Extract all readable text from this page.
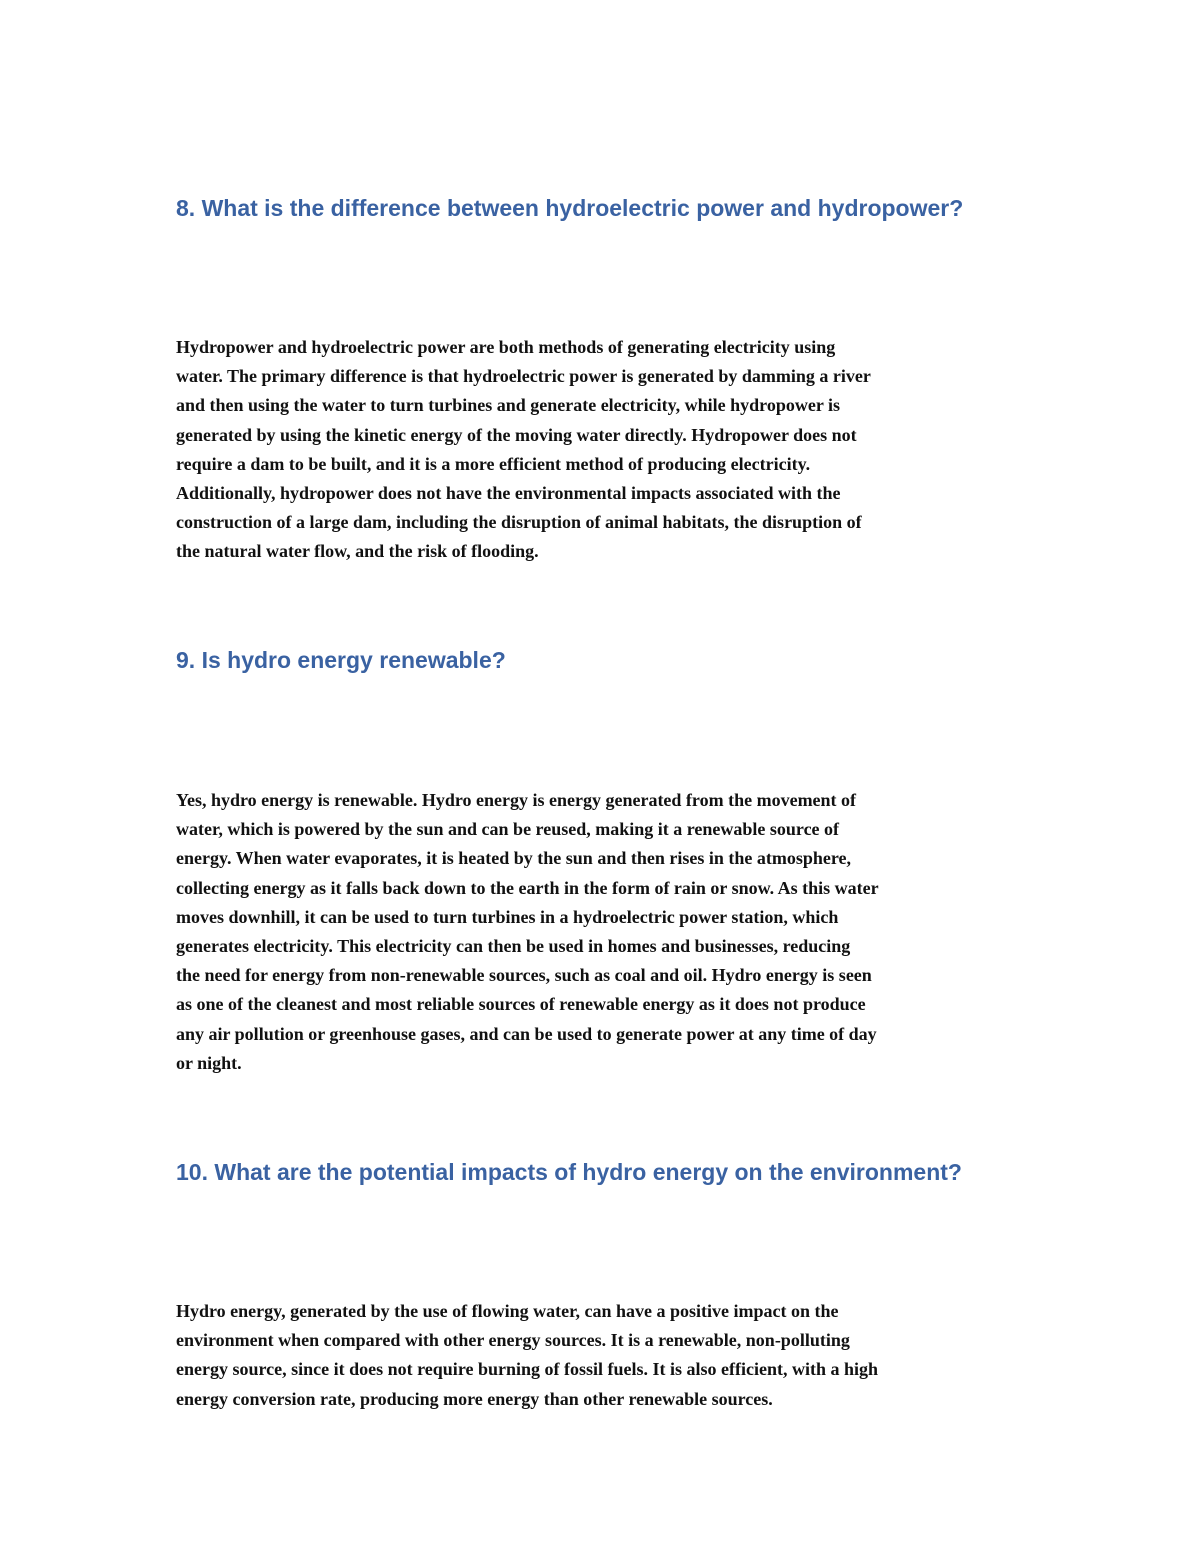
8. What is the difference between hydroelectric power and hydropower?
Hydropower and hydroelectric power are both methods of generating electricity using
water. The primary difference is that hydroelectric power is generated by damming a river
and then using the water to turn turbines and generate electricity, while hydropower is
generated by using the kinetic energy of the moving water directly. Hydropower does not
require a dam to be built, and it is a more efficient method of producing electricity.
Additionally, hydropower does not have the environmental impacts associated with the
construction of a large dam, including the disruption of animal habitats, the disruption of
the natural water flow, and the risk of flooding.
9. Is hydro energy renewable?
Yes, hydro energy is renewable. Hydro energy is energy generated from the movement of
water, which is powered by the sun and can be reused, making it a renewable source of
energy. When water evaporates, it is heated by the sun and then rises in the atmosphere,
collecting energy as it falls back down to the earth in the form of rain or snow. As this water
moves downhill, it can be used to turn turbines in a hydroelectric power station, which
generates electricity. This electricity can then be used in homes and businesses, reducing
the need for energy from non-renewable sources, such as coal and oil. Hydro energy is seen
as one of the cleanest and most reliable sources of renewable energy as it does not produce
any air pollution or greenhouse gases, and can be used to generate power at any time of day
or night.
10. What are the potential impacts of hydro energy on the environment?
Hydro energy, generated by the use of flowing water, can have a positive impact on the
environment when compared with other energy sources. It is a renewable, non-polluting
energy source, since it does not require burning of fossil fuels. It is also efficient, with a high
energy conversion rate, producing more energy than other renewable sources.
